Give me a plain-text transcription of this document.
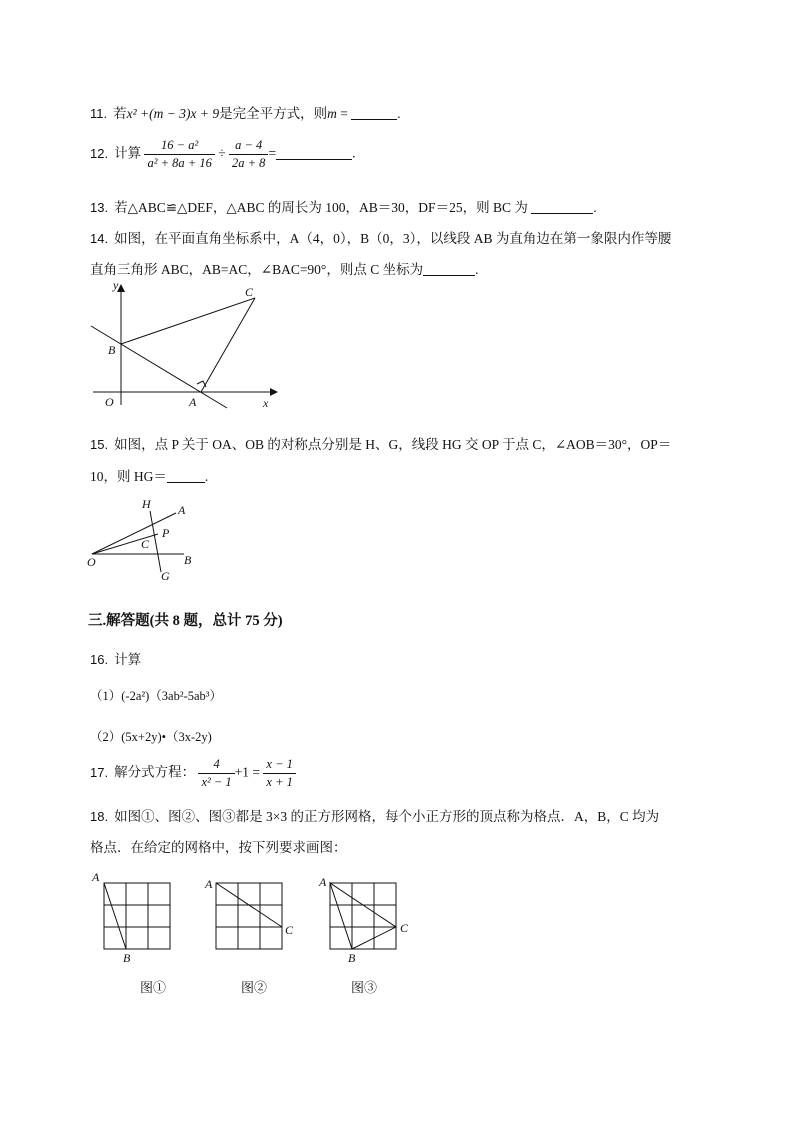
11. 若x² +(m − 3)x + 9是完全平方式，则m =	.
12. 计算 $\frac{\text{16 − a²}}{\text{a² + 8a + 16}} \div \frac{a - 4}{2a + 8}$ =	.
13. 若△ABC≌△DEF，△ABC 的周长为 100，AB＝30，DF＝25，则 BC 为	.
14. 如图，在平面直角坐标系中，A（4，0），B（0，3），以线段 AB 为直角边在第一象限内作等腰
直角三角形 ABC，AB=AC，∠BAC=90°，则点 C 坐标为	.
y
x
O	A
B
C
15. 如图，点 P 关于 OA、OB 的对称点分别是 H、G，线段 HG 交 OP 于点 C，∠AOB＝30°，OP＝
10，则 HG＝	.
H A
P
C
O	B
G
三.解答题(共 8 题，总计 75 分)
16. 计算
（1）(-2a²)（3ab²-5ab³）
（2）(5x+2y)•（3x-2y)
17. 解分式方程： $\frac{4}{\text{x² − 1}} +1 = \frac{x - 1}{x + 1}$
18. 如图①、图②、图③都是 3×3 的正方形网格，每个小正方形的顶点称为格点．A，B，C 均为
格点．在给定的网格中，按下列要求画图：
A
B
图①
A
C
图②
A
B
C
图③
